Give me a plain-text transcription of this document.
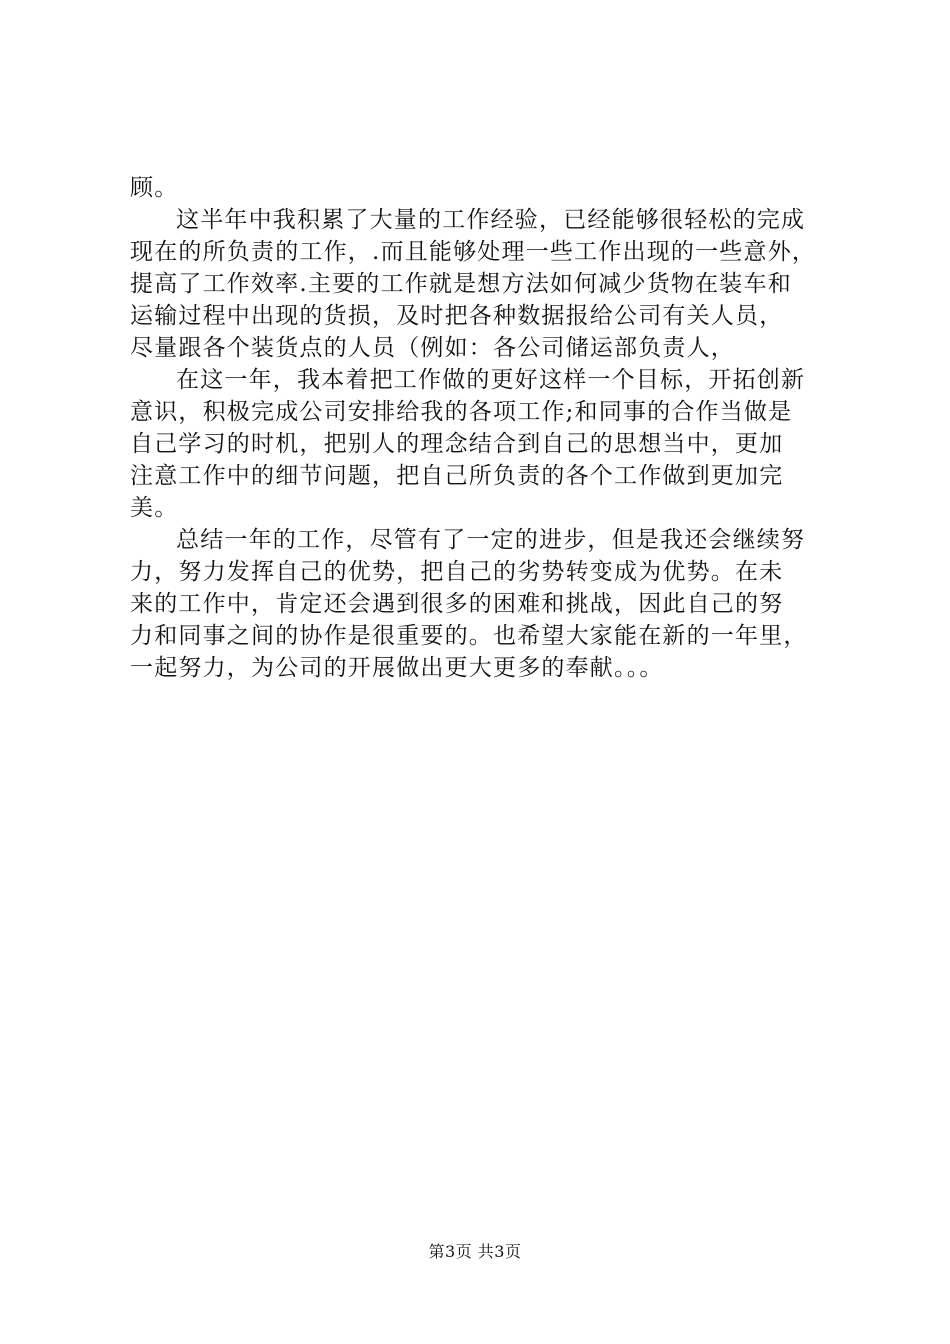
顾。
这半年中我积累了大量的工作经验，已经能够很轻松的完成
现在的所负责的工作，.而且能够处理一些工作出现的一些意外，
提高了工作效率.主要的工作就是想方法如何减少货物在装车和
运输过程中出现的货损，及时把各种数据报给公司有关人员，
尽量跟各个装货点的人员（例如：各公司储运部负责人，
在这一年，我本着把工作做的更好这样一个目标，开拓创新
意识，积极完成公司安排给我的各项工作;和同事的合作当做是
自己学习的时机，把别人的理念结合到自己的思想当中，更加
注意工作中的细节问题，把自己所负责的各个工作做到更加完
美。
总结一年的工作，尽管有了一定的进步，但是我还会继续努
力，努力发挥自己的优势，把自己的劣势转变成为优势。在未
来的工作中，肯定还会遇到很多的困难和挑战，因此自己的努
力和同事之间的协作是很重要的。也希望大家能在新的一年里，
一起努力，为公司的开展做出更大更多的奉献。。。
第3页 共3页
